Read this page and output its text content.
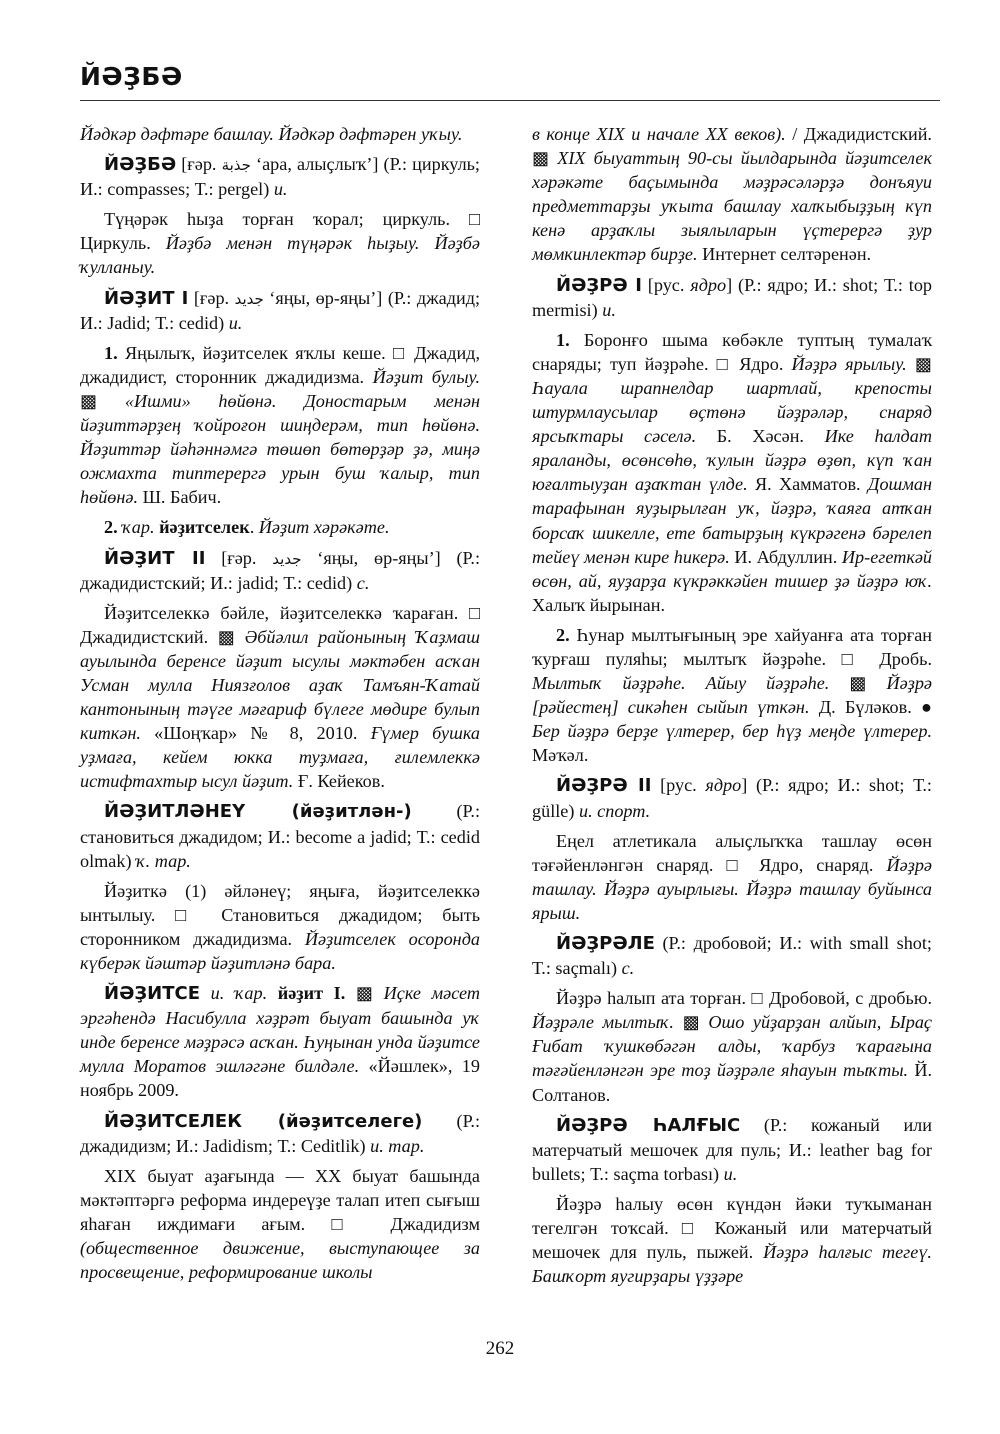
ЙӘҘБӘ

Йәдкәр дәфтәре башлау. Йәдкәр дәфтәрен уҡыу.

ЙӘҘБӘ [ғәр. جذبة ‘ара, алыҫлыҡ’] (Р.: циркуль; И.: compasses; Т.: pergel) и.

Түңәрәк һыҙа торған ҡорал; циркуль. □ Циркуль. Йәҙбә менән түңәрәк һыҙыу. Йәҙбә ҡулланыу.

ЙӘҘИТ I [ғәр. جديد ‘яңы, өр-яңы’] (Р.: джадид; И.: Jadid; Т.: cedid) и.

1. Яңылыҡ, йәҙитселек яҡлы кеше. □ Джадид, джадидист, сторонник джадидизма. Йәҙит булыу. ▩ «Ишми» һөйөнә. Доностарым менән йәҙиттәрҙең ҡойроғон шиңдерәм, тип һөйөнә. Йәҙиттәр йәһәннәмгә төшөп бөтөрҙәр ҙә, миңә ожмахта типтерергә урын буш ҡалыр, тип һөйөнә. Ш. Бабич.

2. ҡар. йәҙитселек. Йәҙит хәрәкәте.

ЙӘҘИТ II [ғәр. جديد ‘яңы, өр-яңы’] (Р.: джадидистский; И.: jadid; Т.: cedid) с.

Йәҙитселеккә бәйле, йәҙитселеккә ҡараған. □ Джадидистский. ▩ Әбйәлил районының Ҡаҙмаш ауылында беренсе йәҙит ысулы мәктәбен асҡан Усман мулла Ниязғолов аҙаҡ Тамъян-Ҡатай кантонының тәүге мәғариф бүлеге мөдире булып киткән. «Шоңҡар» № 8, 2010. Ғүмер бушка уҙмаға, кейем юкка туҙмаға, ғилемлеккә истифтахтыр ысул йәҙит. Ғ. Кейеков.

ЙӘҘИТЛӘНЕҮ (йәҙитлән-) (Р.: становиться джадидом; И.: become a jadid; Т.: cedid olmak) ҡ. тар.

Йәҙиткә (1) әйләнеү; яңыға, йәҙитселеккә ынтылыу. □ Становиться джадидом; быть сторонником джадидизма. Йәҙитселек осоронда күберәк йәштәр йәҙитләнә бара.

ЙӘҘИТСЕ и. ҡар. йәҙит I. ▩ Иҫке мәсет эргәһендә Насибулла хәҙрәт быуат башында уҡ инде беренсе мәҙрәсә асҡан. Һуңынан унда йәҙитсе мулла Моратов эшләгәне билдәле. «Йәшлек», 19 ноябрь 2009.

ЙӘҘИТСЕЛЕК (йәҙитселеге) (Р.: джадидизм; И.: Jadidism; Т.: Ceditlik) и. тар.

XIX быуат аҙағында — XX быуат башында мәктәптәргә реформа индереүҙе талап итеп сығыш яһаған иждимағи ағым. □ Джадидизм (общественное движение, выступающее за просвещение, реформирование школы

в конце XIX и начале XX веков). / Джадидистский. ▩ XIX быуаттың 90-сы йылдарында йәҙитселек хәрәкәте баҫымында мәҙрәсәләрҙә донъяуи предметтарҙы уҡыта башлау халҡыбыҙҙың күп кенә арҙаҡлы зыялыларын үҫтерергә ҙур мөмкинлектәр бирҙе. Интернет селтәренән.

ЙӘҘРӘ I [рус. ядро] (Р.: ядро; И.: shot; Т.: top mermisi) и.

1. Боронғо шыма көбәкле туптың тумалаҡ снаряды; туп йәҙрәһе. □ Ядро. Йәҙрә ярылыу. ▩ Һауала шрапнелдар шартлай, крепосты штурмлаусылар өҫтөнә йәҙрәләр, снаряд ярсыҡтары сәселә. Б. Хәсән. Ике һалдат яраланды, өсөнсөһө, ҡулын йәҙрә өҙөп, күп ҡан юғалтыуҙан аҙаҡтан үлде. Я. Хамматов. Дошман тарафынан яуҙырылған уҡ, йәҙрә, ҡаяға атҡан борсаҡ шикелле, ете батырҙың күкрәгенә бәрелеп тейеү менән кире һикерә. И. Абдуллин. Ир-егеткәй өсөн, ай, яуҙарҙа күкрәккәйен тишер ҙә йәҙрә юҡ. Халыҡ йырынан.

2. Һунар мылтығының эре хайуанға ата торған ҡурғаш пуляһы; мылтыҡ йәҙрәһе. □ Дробь. Мылтыҡ йәҙрәһе. Айыу йәҙрәһе. ▩ Йәҙрә [рәйестең] сикәһен сыйып үткән. Д. Бүләков. ● Бер йәҙрә берҙе үлтерер, бер һүҙ меңде үлтерер. Мәҡәл.

ЙӘҘРӘ II [рус. ядро] (Р.: ядро; И.: shot; Т.: gülle) и. спорт.

Еңел атлетикала алыҫлыҡҡа ташлау өсөн тәғәйенләнгән снаряд. □ Ядро, снаряд. Йәҙрә ташлау. Йәҙрә ауырлығы. Йәҙрә ташлау буйынса ярыш.

ЙӘҘРӘЛЕ (Р.: дробовой; И.: with small shot; Т.: saçmalı) с.

Йәҙрә һалып ата торған. □ Дробовой, с дробью. Йәҙрәле мылтыҡ. ▩ Ошо уйҙарҙан алйып, Ыраҫ Ғибат ҡушкөбәгән алды, ҡарбуз ҡарағына тәғәйенләнгән эре тоҙ йәҙрәле яһауын тыҡты. Й. Солтанов.

ЙӘҘРӘ ҺАЛҒЫС (Р.: кожаный или матерчатый мешочек для пуль; И.: leather bag for bullets; Т.: saçma torbası) и.

Йәҙрә һалыу өсөн күндән йәки туҡыманан тегелгән тоҡсай. □ Кожаный или матерчатый мешочек для пуль, пыжей. Йәҙрә һалғыс тегеү. Башҡорт яугирҙары үҙҙәре

262
